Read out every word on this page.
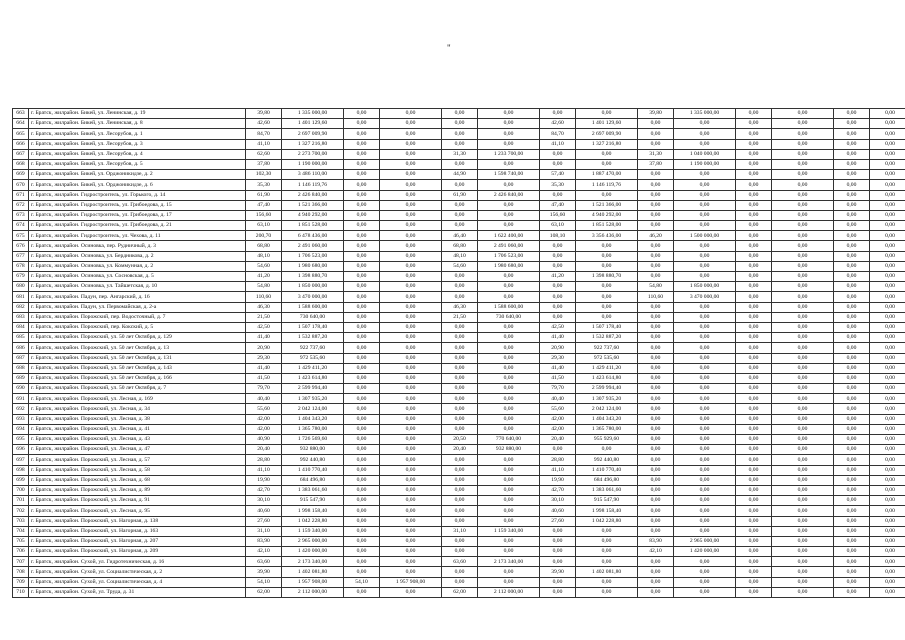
"
663	г. Братск, жилрайон. Бикей, ул. Ленинская, д. 19	39,80	1 335 000,00	0,00	0,00	0,00	0,00	0,00	0,00	39,80	1 335 000,00	0,00	0,00	0,00	0,00
664	г. Братск, жилрайон. Бикей, ул. Ленинская, д. 8	42,60	1 401 129,60	0,00	0,00	0,00	0,00	42,60	1 401 129,60	0,00	0,00	0,00	0,00	0,00	0,00
665	г. Братск, жилрайон. Бикей, ул. Лесорубов, д. 1	84,70	2 697 009,90	0,00	0,00	0,00	0,00	84,70	2 697 009,90	0,00	0,00	0,00	0,00	0,00	0,00
666	г. Братск, жилрайон. Бикей, ул. Лесорубов, д. 3	41,10	1 327 216,80	0,00	0,00	0,00	0,00	41,10	1 327 216,80	0,00	0,00	0,00	0,00	0,00	0,00
667	г. Братск, жилрайон. Бикей, ул. Лесорубов, д. 4	62,60	2 273 700,00	0,00	0,00	31,30	1 233 700,00	0,00	0,00	31,30	1 040 000,00	0,00	0,00	0,00	0,00
668	г. Братск, жилрайон. Бикей, ул. Лесорубов, д. 5	37,80	1 190 000,00	0,00	0,00	0,00	0,00	0,00	0,00	37,80	1 190 000,00	0,00	0,00	0,00	0,00
669	г. Братск, жилрайон. Бикей, ул. Орджоникидзе, д. 2	102,30	3 486 110,00	0,00	0,00	44,90	1 598 740,00	57,40	1 887 470,00	0,00	0,00	0,00	0,00	0,00	0,00
670	г. Братск, жилрайон. Бикей, ул. Орджоникидзе, д. 6	35,30	1 146 119,76	0,00	0,00	0,00	0,00	35,30	1 146 119,76	0,00	0,00	0,00	0,00	0,00	0,00
671	г. Братск, жилрайон. Гидростроитель, ул. Горького, д. 14	61,90	2 426 840,00	0,00	0,00	61,90	2 426 840,00	0,00	0,00	0,00	0,00	0,00	0,00	0,00	0,00
672	г. Братск, жилрайон. Гидростроитель, ул. Грибоедова, д. 15	47,40	1 521 366,00	0,00	0,00	0,00	0,00	47,40	1 521 366,00	0,00	0,00	0,00	0,00	0,00	0,00
673	г. Братск, жилрайон. Гидростроитель, ул. Грибоедова, д. 17	156,60	4 940 292,00	0,00	0,00	0,00	0,00	156,60	4 940 292,00	0,00	0,00	0,00	0,00	0,00	0,00
674	г. Братск, жилрайон. Гидростроитель, ул. Грибоедова, д. 21	63,10	1 851 528,00	0,00	0,00	0,00	0,00	63,10	1 851 528,00	0,00	0,00	0,00	0,00	0,00	0,00
675	г. Братск, жилрайон. Гидростроитель, ул. Чехова, д. 11	200,70	6 478 436,00	0,00	0,00	46,40	1 622 400,00	108,10	3 356 436,00	46,20	1 500 000,00	0,00	0,00	0,00	0,00
676	г. Братск, жилрайон. Осиновка, пер. Рудничный, д. 3	68,80	2 491 060,00	0,00	0,00	68,80	2 491 060,00	0,00	0,00	0,00	0,00	0,00	0,00	0,00	0,00
677	г. Братск, жилрайон. Осиновка, ул. Бердникова, д. 2	48,10	1 706 523,00	0,00	0,00	48,10	1 706 523,00	0,00	0,00	0,00	0,00	0,00	0,00	0,00	0,00
678	г. Братск, жилрайон. Осиновка, ул. Коммунная, д. 2	54,60	1 980 680,00	0,00	0,00	54,60	1 980 680,00	0,00	0,00	0,00	0,00	0,00	0,00	0,00	0,00
679	г. Братск, жилрайон. Осиновка, ул. Сосновская, д. 5	41,20	1 398 880,70	0,00	0,00	0,00	0,00	41,20	1 398 880,70	0,00	0,00	0,00	0,00	0,00	0,00
680	г. Братск, жилрайон. Осиновка, ул. Тайшетская, д. 10	54,80	1 850 000,00	0,00	0,00	0,00	0,00	0,00	0,00	54,80	1 850 000,00	0,00	0,00	0,00	0,00
681	г. Братск, жилрайон. Падун, пер. Ангарский, д. 16	110,60	3 470 000,00	0,00	0,00	0,00	0,00	0,00	0,00	110,60	3 470 000,00	0,00	0,00	0,00	0,00
682	г. Братск, жилрайон. Падун, ул. Первомайская, д. 2-а	46,30	1 588 600,00	0,00	0,00	46,30	1 588 600,00	0,00	0,00	0,00	0,00	0,00	0,00	0,00	0,00
683	г. Братск, жилрайон. Порожский, пер. Водосточный, д. 7	21,50	730 640,00	0,00	0,00	21,50	730 640,00	0,00	0,00	0,00	0,00	0,00	0,00	0,00	0,00
684	г. Братск, жилрайон. Порожский, пер. Кокский, д. 5	42,50	1 507 178,40	0,00	0,00	0,00	0,00	42,50	1 507 178,40	0,00	0,00	0,00	0,00	0,00	0,00
685	г. Братск, жилрайон. Порожский, ул. 50 лет Октября, д. 129	41,40	1 532 887,20	0,00	0,00	0,00	0,00	41,40	1 532 887,20	0,00	0,00	0,00	0,00	0,00	0,00
686	г. Братск, жилрайон. Порожский, ул. 50 лет Октября, д. 13	20,90	922 737,60	0,00	0,00	0,00	0,00	20,90	922 737,60	0,00	0,00	0,00	0,00	0,00	0,00
687	г. Братск, жилрайон. Порожский, ул. 50 лет Октября, д. 131	29,30	972 535,60	0,00	0,00	0,00	0,00	29,30	972 535,60	0,00	0,00	0,00	0,00	0,00	0,00
688	г. Братск, жилрайон. Порожский, ул. 50 лет Октября, д. 143	41,40	1 429 411,20	0,00	0,00	0,00	0,00	41,40	1 429 411,20	0,00	0,00	0,00	0,00	0,00	0,00
689	г. Братск, жилрайон. Порожский, ул. 50 лет Октября, д. 166	41,50	1 423 614,80	0,00	0,00	0,00	0,00	41,50	1 423 614,80	0,00	0,00	0,00	0,00	0,00	0,00
690	г. Братск, жилрайон. Порожский, ул. 50 лет Октября, д. 7	79,70	2 599 994,40	0,00	0,00	0,00	0,00	79,70	2 599 994,40	0,00	0,00	0,00	0,00	0,00	0,00
691	г. Братск, жилрайон. Порожский, ул. Лесная, д. 169	40,40	1 307 935,20	0,00	0,00	0,00	0,00	40,40	1 307 935,20	0,00	0,00	0,00	0,00	0,00	0,00
692	г. Братск, жилрайон. Порожский, ул. Лесная, д. 34	55,60	2 042 124,00	0,00	0,00	0,00	0,00	55,60	2 042 124,00	0,00	0,00	0,00	0,00	0,00	0,00
693	г. Братск, жилрайон. Порожский, ул. Лесная, д. 38	42,00	1 404 343,20	0,00	0,00	0,00	0,00	42,00	1 404 343,20	0,00	0,00	0,00	0,00	0,00	0,00
694	г. Братск, жилрайон. Порожский, ул. Лесная, д. 41	42,00	1 365 780,00	0,00	0,00	0,00	0,00	42,00	1 365 780,00	0,00	0,00	0,00	0,00	0,00	0,00
695	г. Братск, жилрайон. Порожский, ул. Лесная, д. 43	40,90	1 726 569,60	0,00	0,00	20,50	770 640,00	20,40	955 929,60	0,00	0,00	0,00	0,00	0,00	0,00
696	г. Братск, жилрайон. Порожский, ул. Лесная, д. 47	20,40	932 880,00	0,00	0,00	20,40	932 880,00	0,00	0,00	0,00	0,00	0,00	0,00	0,00	0,00
697	г. Братск, жилрайон. Порожский, ул. Лесная, д. 57	28,80	992 440,80	0,00	0,00	0,00	0,00	28,80	992 440,80	0,00	0,00	0,00	0,00	0,00	0,00
698	г. Братск, жилрайон. Порожский, ул. Лесная, д. 58	41,10	1 410 770,40	0,00	0,00	0,00	0,00	41,10	1 410 770,40	0,00	0,00	0,00	0,00	0,00	0,00
699	г. Братск, жилрайон. Порожский, ул. Лесная, д. 68	19,90	684 496,80	0,00	0,00	0,00	0,00	19,90	684 496,80	0,00	0,00	0,00	0,00	0,00	0,00
700	г. Братск, жилрайон. Порожский, ул. Лесная, д. 89	42,70	1 383 061,60	0,00	0,00	0,00	0,00	42,70	1 383 061,60	0,00	0,00	0,00	0,00	0,00	0,00
701	г. Братск, жилрайон. Порожский, ул. Лесная, д. 91	30,10	915 547,90	0,00	0,00	0,00	0,00	30,10	915 547,90	0,00	0,00	0,00	0,00	0,00	0,00
702	г. Братск, жилрайон. Порожский, ул. Лесная, д. 95	40,60	1 998 158,40	0,00	0,00	0,00	0,00	40,60	1 998 158,40	0,00	0,00	0,00	0,00	0,00	0,00
703	г. Братск, жилрайон. Порожский, ул. Нагорная, д. 138	27,60	1 042 228,80	0,00	0,00	0,00	0,00	27,60	1 042 228,80	0,00	0,00	0,00	0,00	0,00	0,00
704	г. Братск, жилрайон. Порожский, ул. Нагорная, д. 163	31,10	1 159 340,00	0,00	0,00	31,10	1 159 340,00	0,00	0,00	0,00	0,00	0,00	0,00	0,00	0,00
705	г. Братск, жилрайон. Порожский, ул. Нагорная, д. 207	83,90	2 965 000,00	0,00	0,00	0,00	0,00	0,00	0,00	83,90	2 965 000,00	0,00	0,00	0,00	0,00
706	г. Братск, жилрайон. Порожский, ул. Нагорная, д. 209	42,10	1 420 000,00	0,00	0,00	0,00	0,00	0,00	0,00	42,10	1 420 000,00	0,00	0,00	0,00	0,00
707	г. Братск, жилрайон. Сухой, ул. Гидротехническая, д. 16	63,60	2 173 340,00	0,00	0,00	63,60	2 173 340,00	0,00	0,00	0,00	0,00	0,00	0,00	0,00	0,00
708	г. Братск, жилрайон. Сухой, ул. Социалистическая, д. 2	39,90	1 402 081,80	0,00	0,00	0,00	0,00	39,90	1 402 081,80	0,00	0,00	0,00	0,00	0,00	0,00
709	г. Братск, жилрайон. Сухой, ул. Социалистическая, д. 4	54,10	1 957 908,00	54,10	1 957 908,00	0,00	0,00	0,00	0,00	0,00	0,00	0,00	0,00	0,00	0,00
710	г. Братск, жилрайон. Сухой, ул. Труда, д. 31	62,00	2 112 000,00	0,00	0,00	62,00	2 112 000,00	0,00	0,00	0,00	0,00	0,00	0,00	0,00	0,00
